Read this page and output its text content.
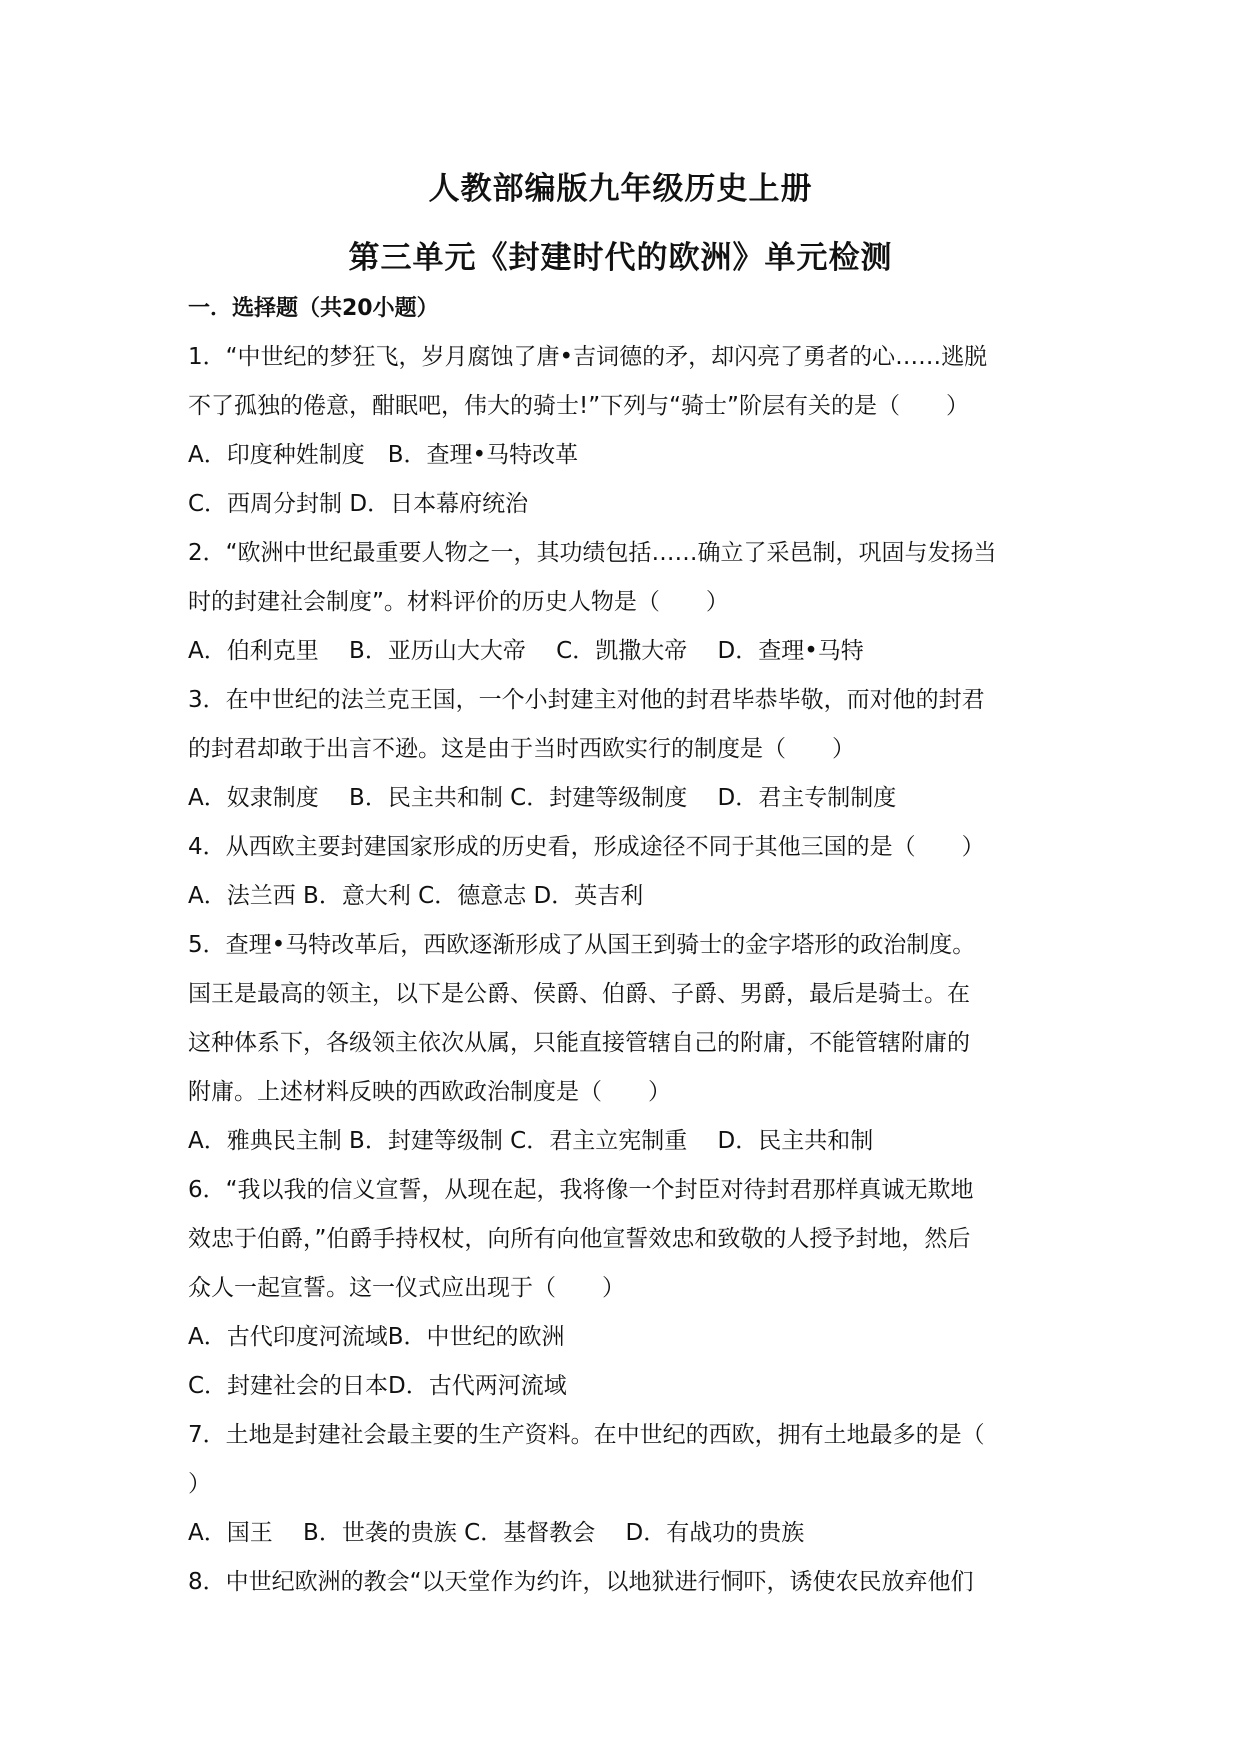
人教部编版九年级历史上册
第三单元《封建时代的欧洲》单元检测
一．选择题（共20小题）
1．“中世纪的梦狂飞，岁月腐蚀了唐•吉词德的矛，却闪亮了勇者的心……逃脱
不了孤独的倦意，酣眠吧，伟大的骑士!”下列与“骑士”阶层有关的是（　　）
A．印度种姓制度　B．查理•马特改革
C．西周分封制 D．日本幕府统治
2．“欧洲中世纪最重要人物之一，其功绩包括……确立了采邑制，巩固与发扬当
时的封建社会制度”。材料评价的历史人物是（　　）
A．伯利克里　 B．亚历山大大帝　 C．凯撒大帝　 D．查理•马特
3．在中世纪的法兰克王国，一个小封建主对他的封君毕恭毕敬，而对他的封君
的封君却敢于出言不逊。这是由于当时西欧实行的制度是（　　）
A．奴隶制度　 B．民主共和制 C．封建等级制度　 D．君主专制制度
4．从西欧主要封建国家形成的历史看，形成途径不同于其他三国的是（　　）
A．法兰西 B．意大利 C．德意志 D．英吉利
5．查理•马特改革后，西欧逐渐形成了从国王到骑士的金字塔形的政治制度。
国王是最高的领主，以下是公爵、侯爵、伯爵、子爵、男爵，最后是骑士。在
这种体系下，各级领主依次从属，只能直接管辖自己的附庸，不能管辖附庸的
附庸。上述材料反映的西欧政治制度是（　　）
A．雅典民主制 B．封建等级制 C．君主立宪制重　 D．民主共和制
6．“我以我的信义宣誓，从现在起，我将像一个封臣对待封君那样真诚无欺地
效忠于伯爵，”伯爵手持权杖，向所有向他宣誓效忠和致敬的人授予封地，然后
众人一起宣誓。这一仪式应出现于（　　）
A．古代印度河流域B．中世纪的欧洲
C．封建社会的日本D．古代两河流域
7．土地是封建社会最主要的生产资料。在中世纪的西欧，拥有土地最多的是（
）
A．国王　 B．世袭的贵族 C．基督教会　 D．有战功的贵族
8．中世纪欧洲的教会“以天堂作为约许，以地狱进行恫吓，诱使农民放弃他们
